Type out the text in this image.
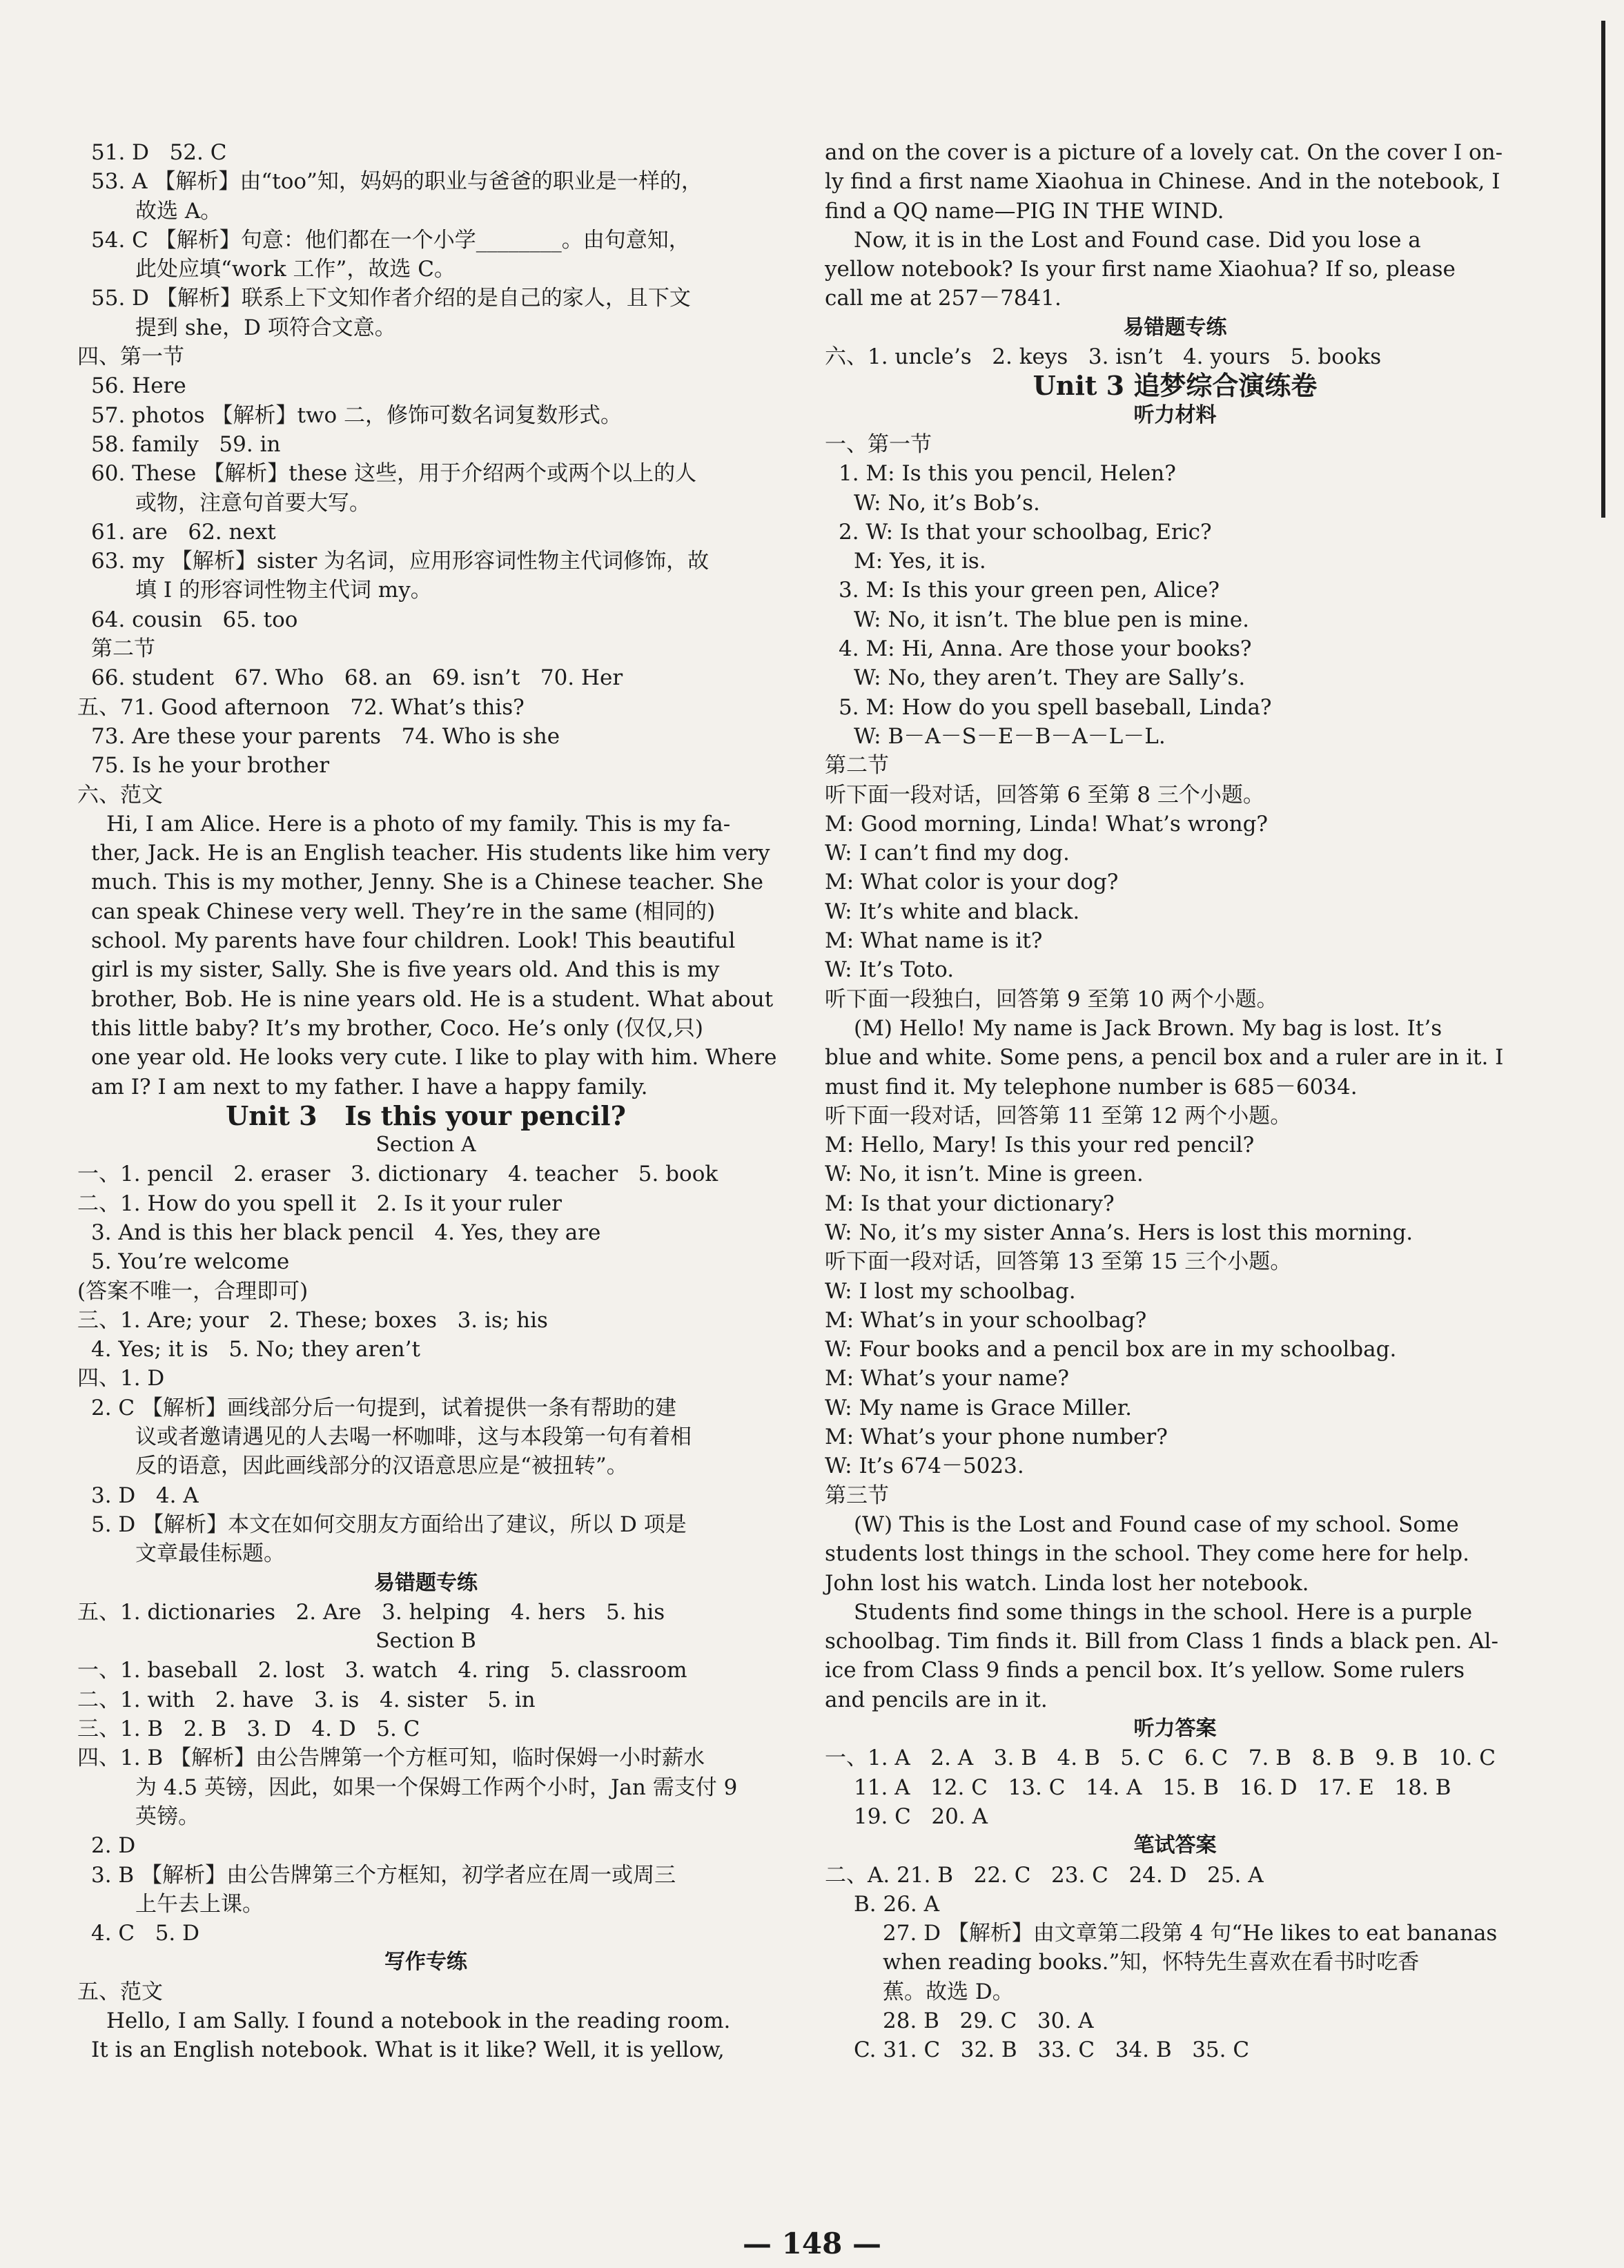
51. D   52. C
53. A 【解析】由“too”知，妈妈的职业与爸爸的职业是一样的，
故选 A。
54. C 【解析】句意：他们都在一个小学________。由句意知，
此处应填“work 工作”，故选 C。
55. D 【解析】联系上下文知作者介绍的是自己的家人，且下文
提到 she，D 项符合文意。
四、第一节
56. Here
57. photos 【解析】two 二，修饰可数名词复数形式。
58. family   59. in
60. These 【解析】these 这些，用于介绍两个或两个以上的人
或物，注意句首要大写。
61. are   62. next
63. my 【解析】sister 为名词，应用形容词性物主代词修饰，故
填 I 的形容词性物主代词 my。
64. cousin   65. too
第二节
66. student   67. Who   68. an   69. isn’t   70. Her
五、71. Good afternoon   72. What’s this?
73. Are these your parents   74. Who is she
75. Is he your brother
六、范文
Hi, I am Alice. Here is a photo of my family. This is my fa-
ther, Jack. He is an English teacher. His students like him very
much. This is my mother, Jenny. She is a Chinese teacher. She
can speak Chinese very well. They’re in the same (相同的)
school. My parents have four children. Look! This beautiful
girl is my sister, Sally. She is five years old. And this is my
brother, Bob. He is nine years old. He is a student. What about
this little baby? It’s my brother, Coco. He’s only (仅仅,只)
one year old. He looks very cute. I like to play with him. Where
am I? I am next to my father. I have a happy family.
Unit 3   Is this your pencil?
Section A
一、1. pencil   2. eraser   3. dictionary   4. teacher   5. book
二、1. How do you spell it   2. Is it your ruler
3. And is this her black pencil   4. Yes, they are
5. You’re welcome
(答案不唯一，合理即可)
三、1. Are; your   2. These; boxes   3. is; his
4. Yes; it is   5. No; they aren’t
四、1. D
2. C 【解析】画线部分后一句提到，试着提供一条有帮助的建
议或者邀请遇见的人去喝一杯咖啡，这与本段第一句有着相
反的语意，因此画线部分的汉语意思应是“被扭转”。
3. D   4. A
5. D 【解析】本文在如何交朋友方面给出了建议，所以 D 项是
文章最佳标题。
易错题专练
五、1. dictionaries   2. Are   3. helping   4. hers   5. his
Section B
一、1. baseball   2. lost   3. watch   4. ring   5. classroom
二、1. with   2. have   3. is   4. sister   5. in
三、1. B   2. B   3. D   4. D   5. C
四、1. B 【解析】由公告牌第一个方框可知，临时保姆一小时薪水
为 4.5 英镑，因此，如果一个保姆工作两个小时，Jan 需支付 9
英镑。
2. D
3. B 【解析】由公告牌第三个方框知，初学者应在周一或周三
上午去上课。
4. C   5. D
写作专练
五、范文
Hello, I am Sally. I found a notebook in the reading room.
It is an English notebook. What is it like? Well, it is yellow,
and on the cover is a picture of a lovely cat. On the cover I on-
ly find a first name Xiaohua in Chinese. And in the notebook, I
find a QQ name—PIG IN THE WIND.
Now, it is in the Lost and Found case. Did you lose a
yellow notebook? Is your first name Xiaohua? If so, please
call me at 257－7841.
易错题专练
六、1. uncle’s   2. keys   3. isn’t   4. yours   5. books
Unit 3 追梦综合演练卷
听力材料
一、第一节
1. M: Is this you pencil, Helen?
W: No, it’s Bob’s.
2. W: Is that your schoolbag, Eric?
M: Yes, it is.
3. M: Is this your green pen, Alice?
W: No, it isn’t. The blue pen is mine.
4. M: Hi, Anna. Are those your books?
W: No, they aren’t. They are Sally’s.
5. M: How do you spell baseball, Linda?
W: B－A－S－E－B－A－L－L.
第二节
听下面一段对话，回答第 6 至第 8 三个小题。
M: Good morning, Linda! What’s wrong?
W: I can’t find my dog.
M: What color is your dog?
W: It’s white and black.
M: What name is it?
W: It’s Toto.
听下面一段独白，回答第 9 至第 10 两个小题。
(M) Hello! My name is Jack Brown. My bag is lost. It’s
blue and white. Some pens, a pencil box and a ruler are in it. I
must find it. My telephone number is 685－6034.
听下面一段对话，回答第 11 至第 12 两个小题。
M: Hello, Mary! Is this your red pencil?
W: No, it isn’t. Mine is green.
M: Is that your dictionary?
W: No, it’s my sister Anna’s. Hers is lost this morning.
听下面一段对话，回答第 13 至第 15 三个小题。
W: I lost my schoolbag.
M: What’s in your schoolbag?
W: Four books and a pencil box are in my schoolbag.
M: What’s your name?
W: My name is Grace Miller.
M: What’s your phone number?
W: It’s 674－5023.
第三节
(W) This is the Lost and Found case of my school. Some
students lost things in the school. They come here for help.
John lost his watch. Linda lost her notebook.
Students find some things in the school. Here is a purple
schoolbag. Tim finds it. Bill from Class 1 finds a black pen. Al-
ice from Class 9 finds a pencil box. It’s yellow. Some rulers
and pencils are in it.
听力答案
一、1. A   2. A   3. B   4. B   5. C   6. C   7. B   8. B   9. B   10. C
11. A   12. C   13. C   14. A   15. B   16. D   17. E   18. B
19. C   20. A
笔试答案
二、A. 21. B   22. C   23. C   24. D   25. A
B. 26. A
27. D 【解析】由文章第二段第 4 句“He likes to eat bananas
when reading books.”知，怀特先生喜欢在看书时吃香
蕉。故选 D。
28. B   29. C   30. A
C. 31. C   32. B   33. C   34. B   35. C
— 148 —
